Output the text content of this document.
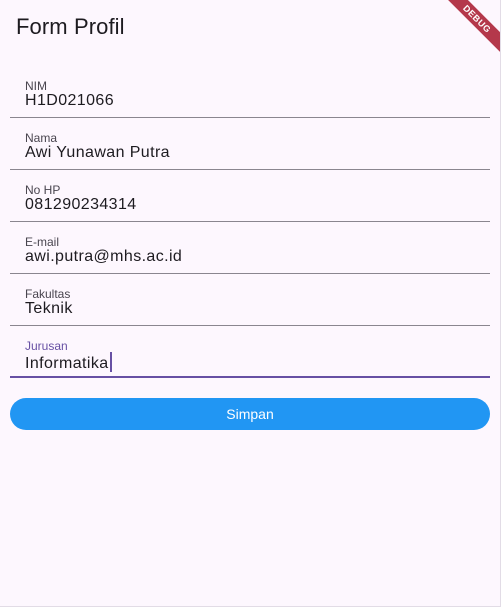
Form Profil	DEBUG
NIM
H1D021066
Nama
Awi Yunawan Putra
No HP
081290234314
E-mail
awi.putra@mhs.ac.id
Fakultas
Teknik
Jurusan
Informatika
Simpan
